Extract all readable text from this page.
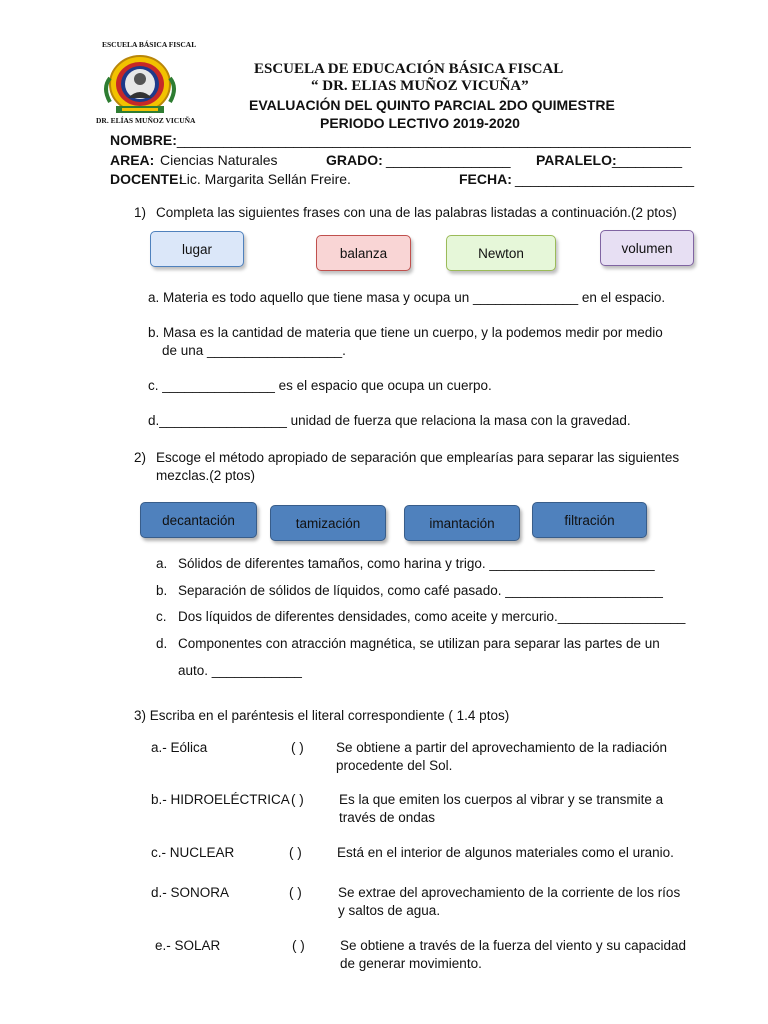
ESCUELA BÁSICA FISCAL
DR. ELÍAS MUÑOZ VICUÑA
ESCUELA DE EDUCACIÓN BÁSICA FISCAL
“ DR. ELIAS MUÑOZ VICUÑA”
EVALUACIÓN DEL QUINTO PARCIAL 2DO QUIMESTRE
PERIODO LECTIVO 2019-2020
NOMBRE:__________________________________________________________________
AREA: Ciencias Naturales	GRADO: ________________ PARALELO:
_________
DOCENTE:
Lic. Margarita Sellán Freire.	FECHA: _______________________
1) Completa las siguientes frases con una de las palabras listadas a continuación.(2 ptos)
lugar	balanza	Newton	volumen
a. Materia es todo aquello que tiene masa y ocupa un ______________ en el espacio.
b. Masa es la cantidad de materia que tiene un cuerpo, y la podemos medir por medio
de una __________________.
c. _______________ es el espacio que ocupa un cuerpo.
d._________________ unidad de fuerza que relaciona la masa con la gravedad.
2) Escoge el método apropiado de separación que emplearías para separar las siguientes
mezclas.(2 ptos)
decantación	tamización	imantación	filtración
a. Sólidos de diferentes tamaños, como harina y trigo. ______________________
b. Separación de sólidos de líquidos, como café pasado. _____________________
c. Dos líquidos de diferentes densidades, como aceite y mercurio._________________
d. Componentes con atracción magnética, se utilizan para separar las partes de un
auto. ____________
3) Escriba en el paréntesis el literal correspondiente ( 1.4 ptos)
a.- Eólica	( ) Se obtiene a partir del aprovechamiento de la radiación
procedente del Sol.
b.- HIDROELÉCTRICA ( )	Es la que emiten los cuerpos al vibrar y se transmite a
través de ondas
c.- NUCLEAR	( )	Está en el interior de algunos materiales como el uranio.
d.- SONORA	( )	Se extrae del aprovechamiento de la corriente de los ríos
y saltos de agua.
e.- SOLAR	( )	Se obtiene a través de la fuerza del viento y su capacidad
de generar movimiento.
